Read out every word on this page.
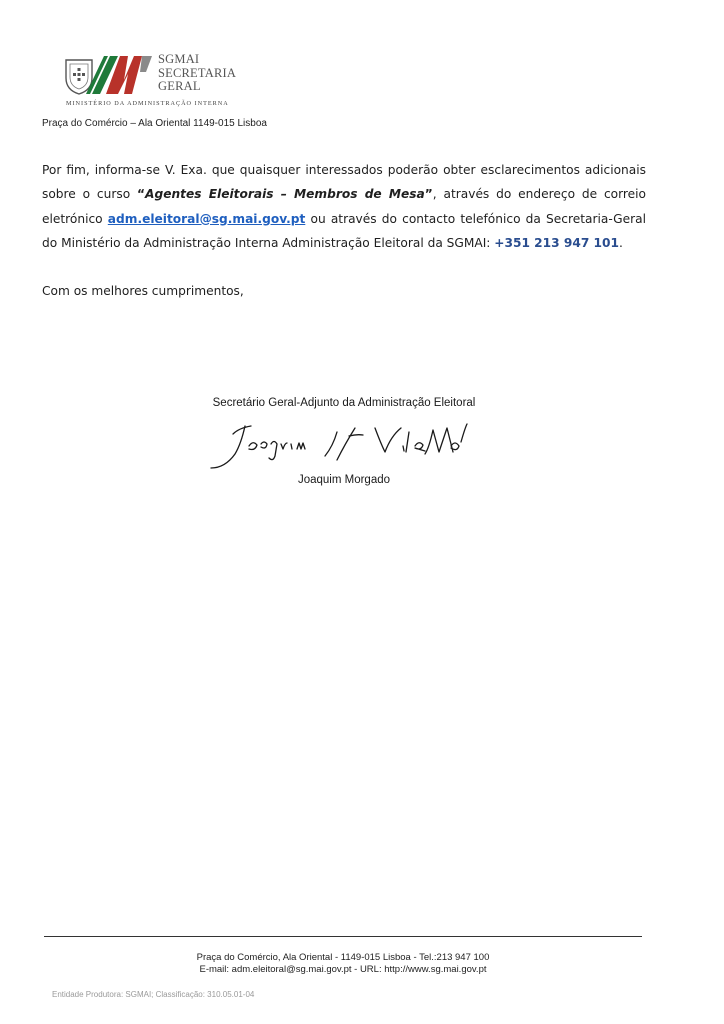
SGMAI
SECRETARIA
GERAL
MINISTÉRIO DA ADMINISTRAÇÃO INTERNA
Praça do Comércio – Ala Oriental 1149-015 Lisboa
Por fim, informa-se V. Exa. que quaisquer interessados poderão obter esclarecimentos adicionais sobre o curso “Agentes Eleitorais – Membros de Mesa”, através do endereço de correio eletrónico adm.eleitoral@sg.mai.gov.pt ou através do contacto telefónico da Secretaria-Geral do Ministério da Administração Interna Administração Eleitoral da SGMAI: +351 213 947 101.
Com os melhores cumprimentos,
Secretário Geral-Adjunto da Administração Eleitoral
Joaquim Morgado
Praça do Comércio, Ala Oriental - 1149-015 Lisboa - Tel.:213 947 100
E-mail: adm.eleitoral@sg.mai.gov.pt - URL: http://www.sg.mai.gov.pt
Entidade Produtora: SGMAI; Classificação: 310.05.01-04
